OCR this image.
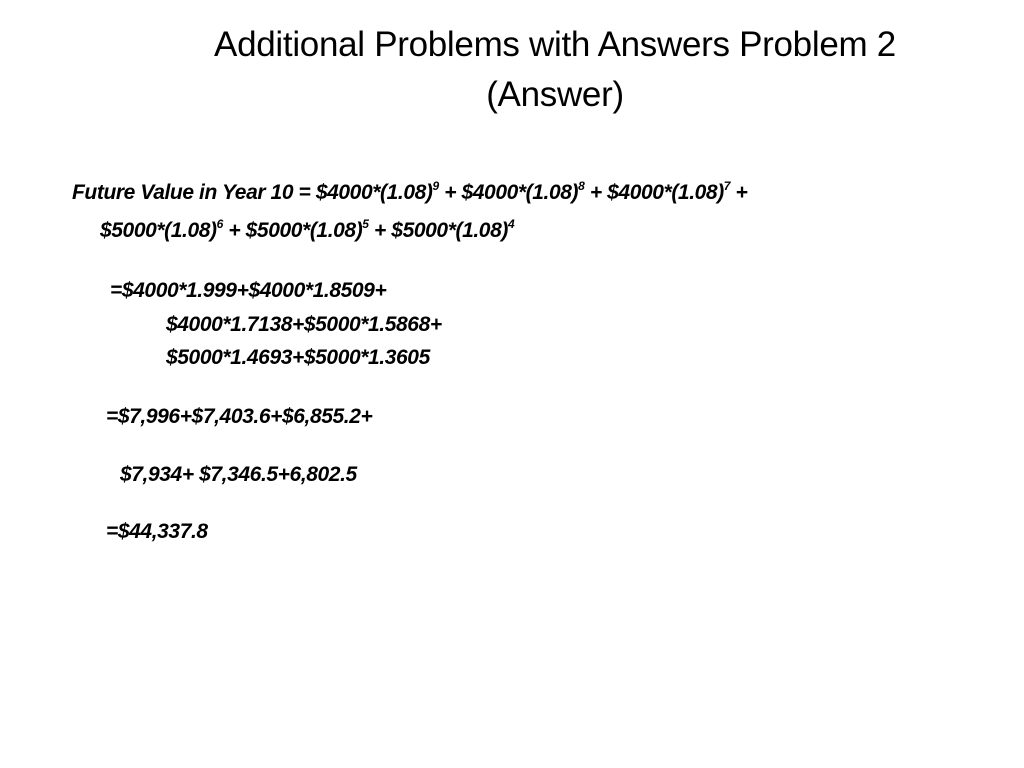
Additional Problems with Answers Problem 2
(Answer)
Future Value in Year $10 = \$4000*(1.08)^9$ + $\$4000*(1.08)^8$ + $\$4000*(1.08)^7$ +
$\$5000*(1.08)^6$ + $\$5000*(1.08)^5$ + $\$5000*(1.08)^4$
=$4000*1.999+$4000*1.8509+
$4000*1.7138+$5000*1.5868+
$5000*1.4693+$5000*1.3605
=$7,996+$7,403.6+$6,855.2+
$7,934+ $7,346.5+6,802.5
=$44,337.8
